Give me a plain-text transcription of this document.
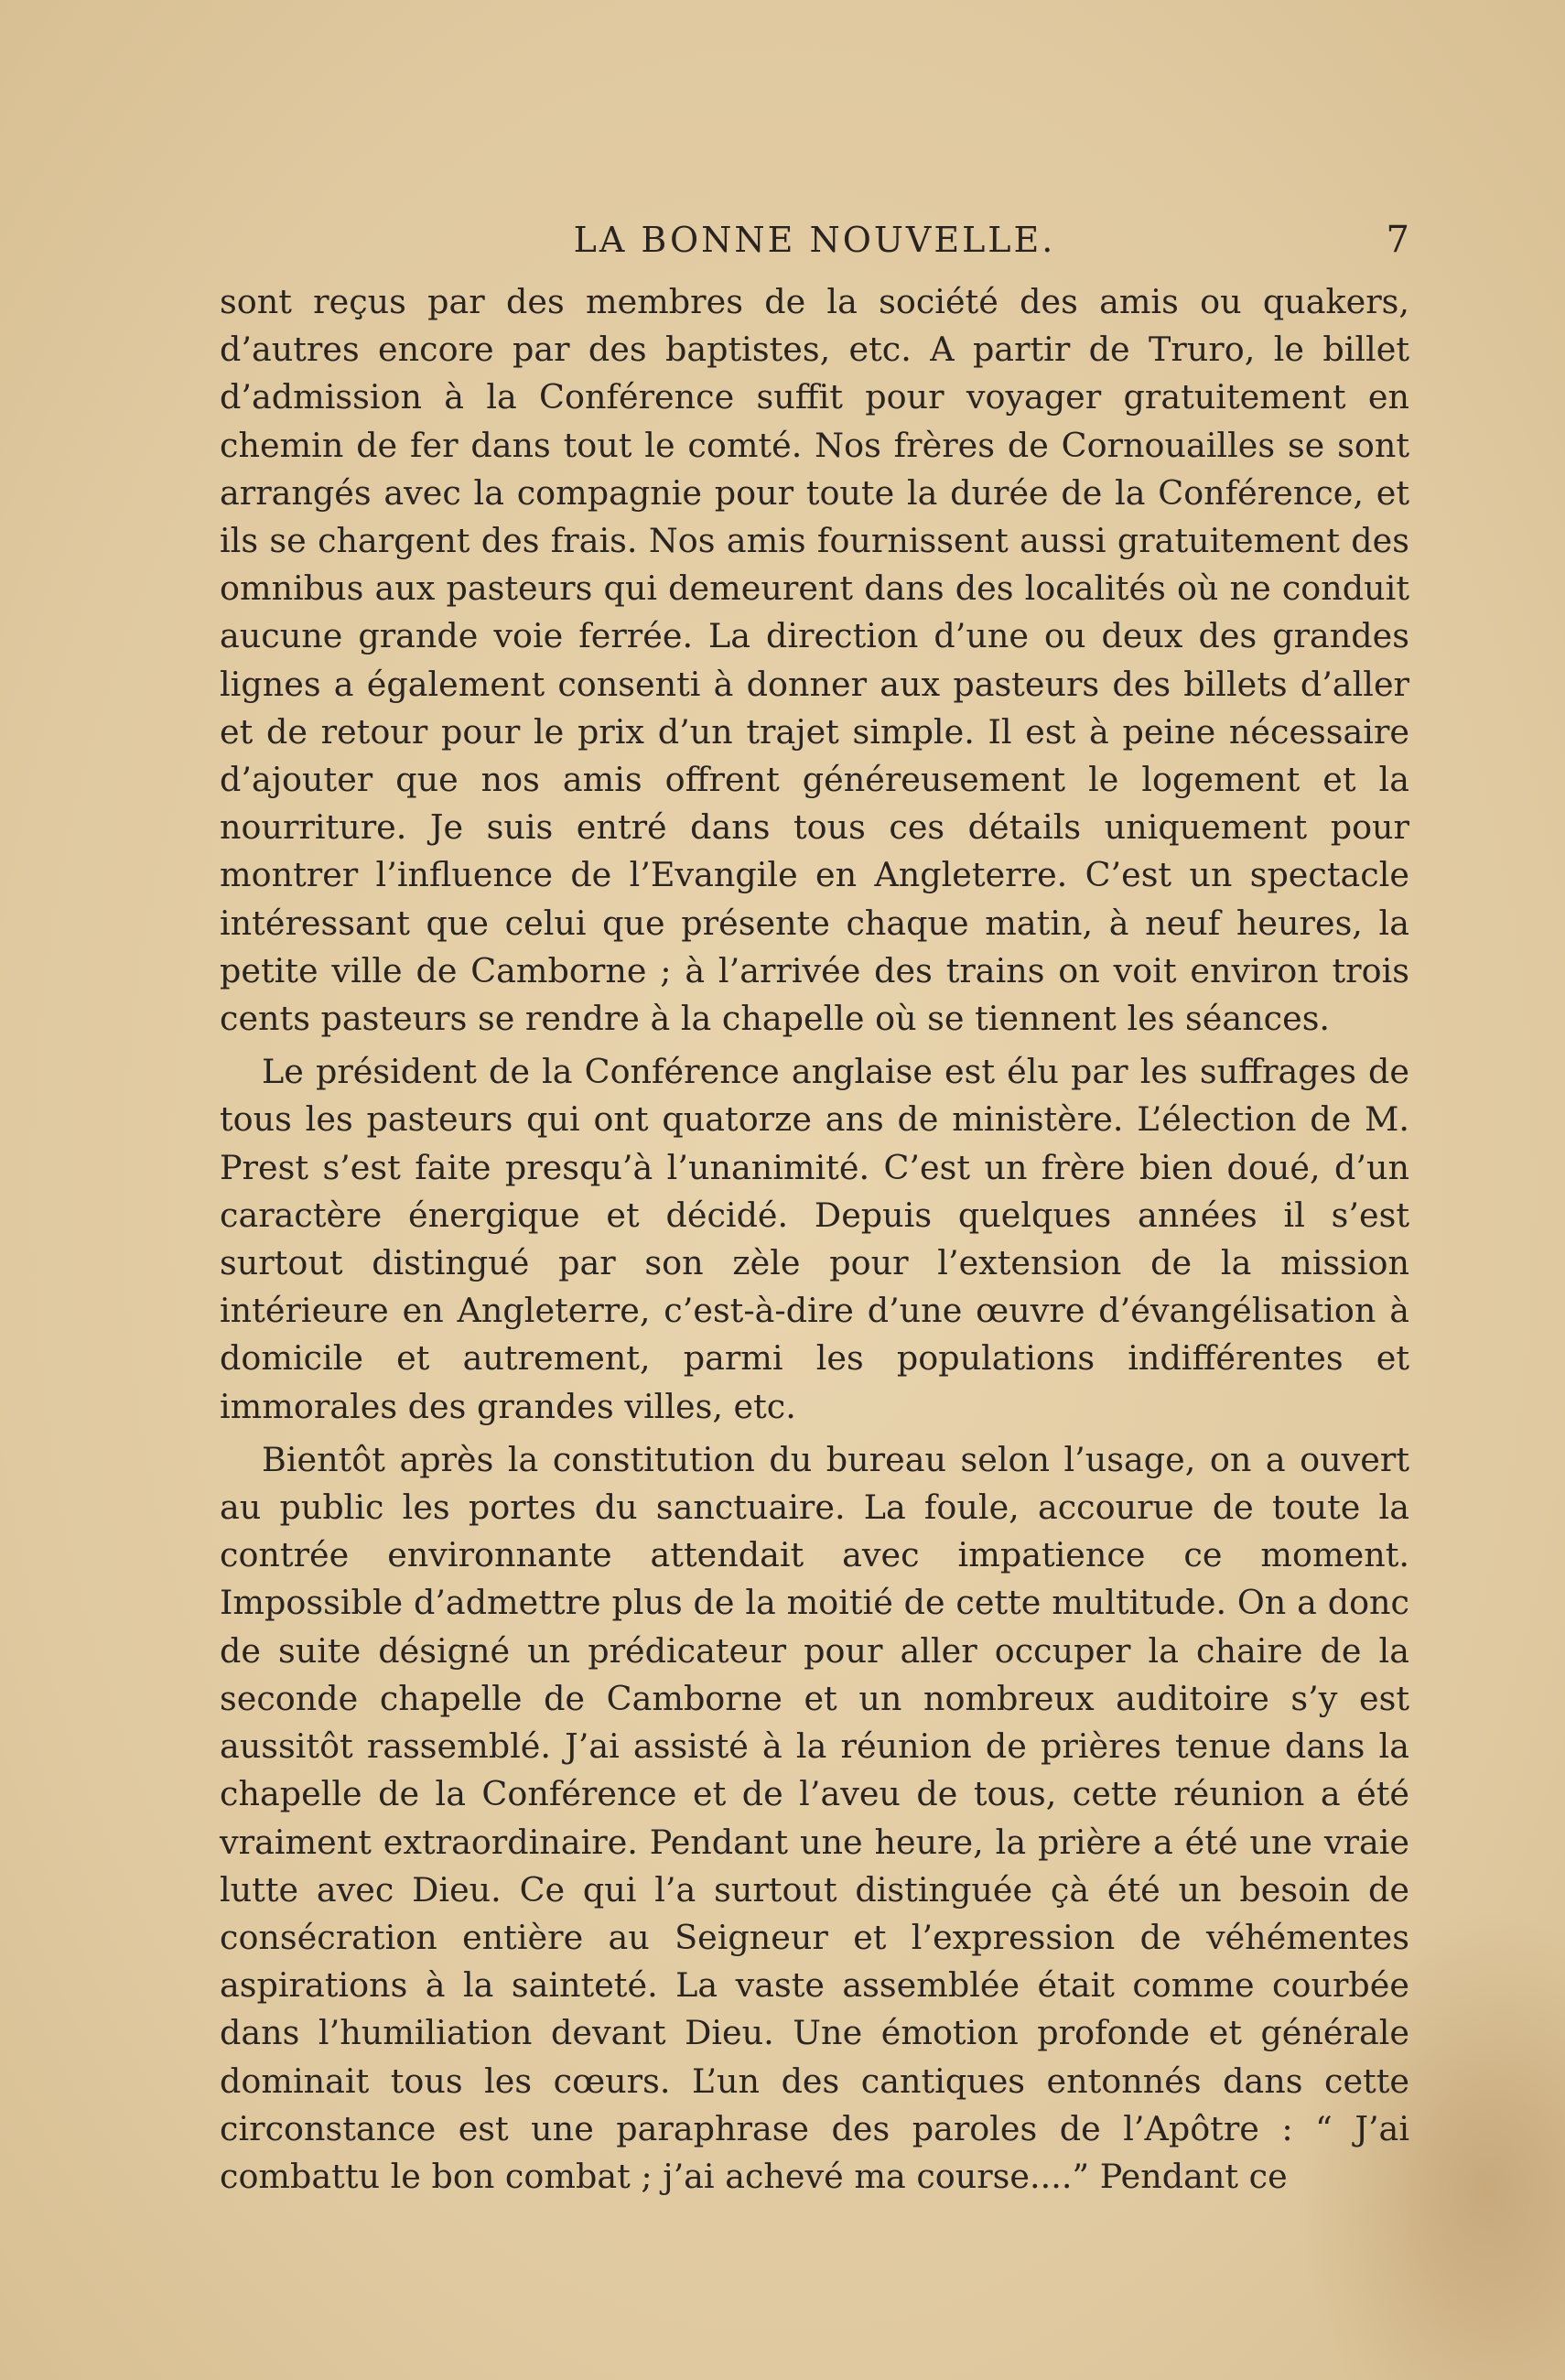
LA BONNE NOUVELLE.	7

sont reçus par des membres de la société des amis ou quakers, d’autres encore par des baptistes, etc. A partir de Truro, le billet d’admission à la Conférence suffit pour voyager gratuitement en chemin de fer dans tout le comté. Nos frères de Cornouailles se sont arrangés avec la compagnie pour toute la durée de la Conférence, et ils se chargent des frais. Nos amis fournissent aussi gratuitement des omnibus aux pasteurs qui demeurent dans des localités où ne conduit aucune grande voie ferrée. La direction d’une ou deux des grandes lignes a également consenti à donner aux pasteurs des billets d’aller et de retour pour le prix d’un trajet simple. Il est à peine nécessaire d’ajouter que nos amis offrent généreusement le logement et la nourriture. Je suis entré dans tous ces détails uniquement pour montrer l’influence de l’Evangile en Angleterre. C’est un spectacle intéressant que celui que présente chaque matin, à neuf heures, la petite ville de Camborne ; à l’arrivée des trains on voit environ trois cents pasteurs se rendre à la chapelle où se tiennent les séances.

Le président de la Conférence anglaise est élu par les suffrages de tous les pasteurs qui ont quatorze ans de ministère. L’élection de M. Prest s’est faite presqu’à l’unanimité. C’est un frère bien doué, d’un caractère énergique et décidé. Depuis quelques années il s’est surtout distingué par son zèle pour l’extension de la mission intérieure en Angleterre, c’est-à-dire d’une œuvre d’évangélisation à domicile et autrement, parmi les populations indifférentes et immorales des grandes villes, etc.

Bientôt après la constitution du bureau selon l’usage, on a ouvert au public les portes du sanctuaire. La foule, accourue de toute la contrée environnante attendait avec impatience ce moment. Impossible d’admettre plus de la moitié de cette multitude. On a donc de suite désigné un prédicateur pour aller occuper la chaire de la seconde chapelle de Camborne et un nombreux auditoire s’y est aussitôt rassemblé. J’ai assisté à la réunion de prières tenue dans la chapelle de la Conférence et de l’aveu de tous, cette réunion a été vraiment extraordinaire. Pendant une heure, la prière a été une vraie lutte avec Dieu. Ce qui l’a surtout distinguée çà été un besoin de consécration entière au Seigneur et l’expression de véhémentes aspirations à la sainteté. La vaste assemblée était comme courbée dans l’humiliation devant Dieu. Une émotion profonde et générale dominait tous les cœurs. L’un des cantiques entonnés dans cette circonstance est une paraphrase des paroles de l’Apôtre : “ J’ai combattu le bon combat ; j’ai achevé ma course....” Pendant ce
